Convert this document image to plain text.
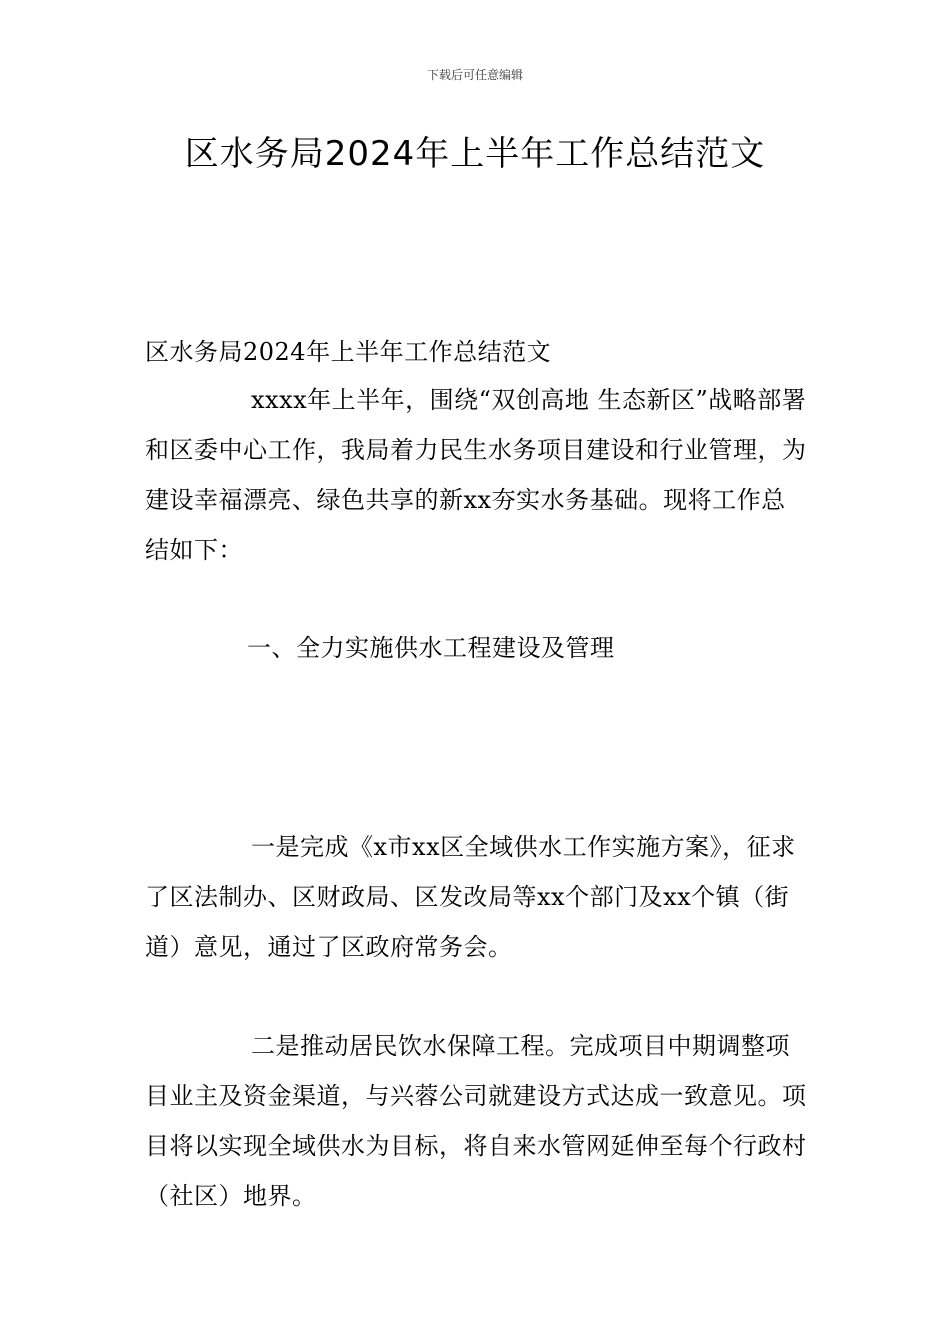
下载后可任意编辑
区水务局2024年上半年工作总结范文
区水务局2024年上半年工作总结范文
xxxx年上半年，围绕“双创高地 生态新区”战略部署和区委中心工作，我局着力民生水务项目建设和行业管理，为建设幸福漂亮、绿色共享的新xx夯实水务基础。现将工作总结如下：
一、全力实施供水工程建设及管理
一是完成《x市xx区全域供水工作实施方案》，征求了区法制办、区财政局、区发改局等xx个部门及xx个镇（街道）意见，通过了区政府常务会。
二是推动居民饮水保障工程。完成项目中期调整项目业主及资金渠道，与兴蓉公司就建设方式达成一致意见。项目将以实现全域供水为目标，将自来水管网延伸至每个行政村（社区）地界。
